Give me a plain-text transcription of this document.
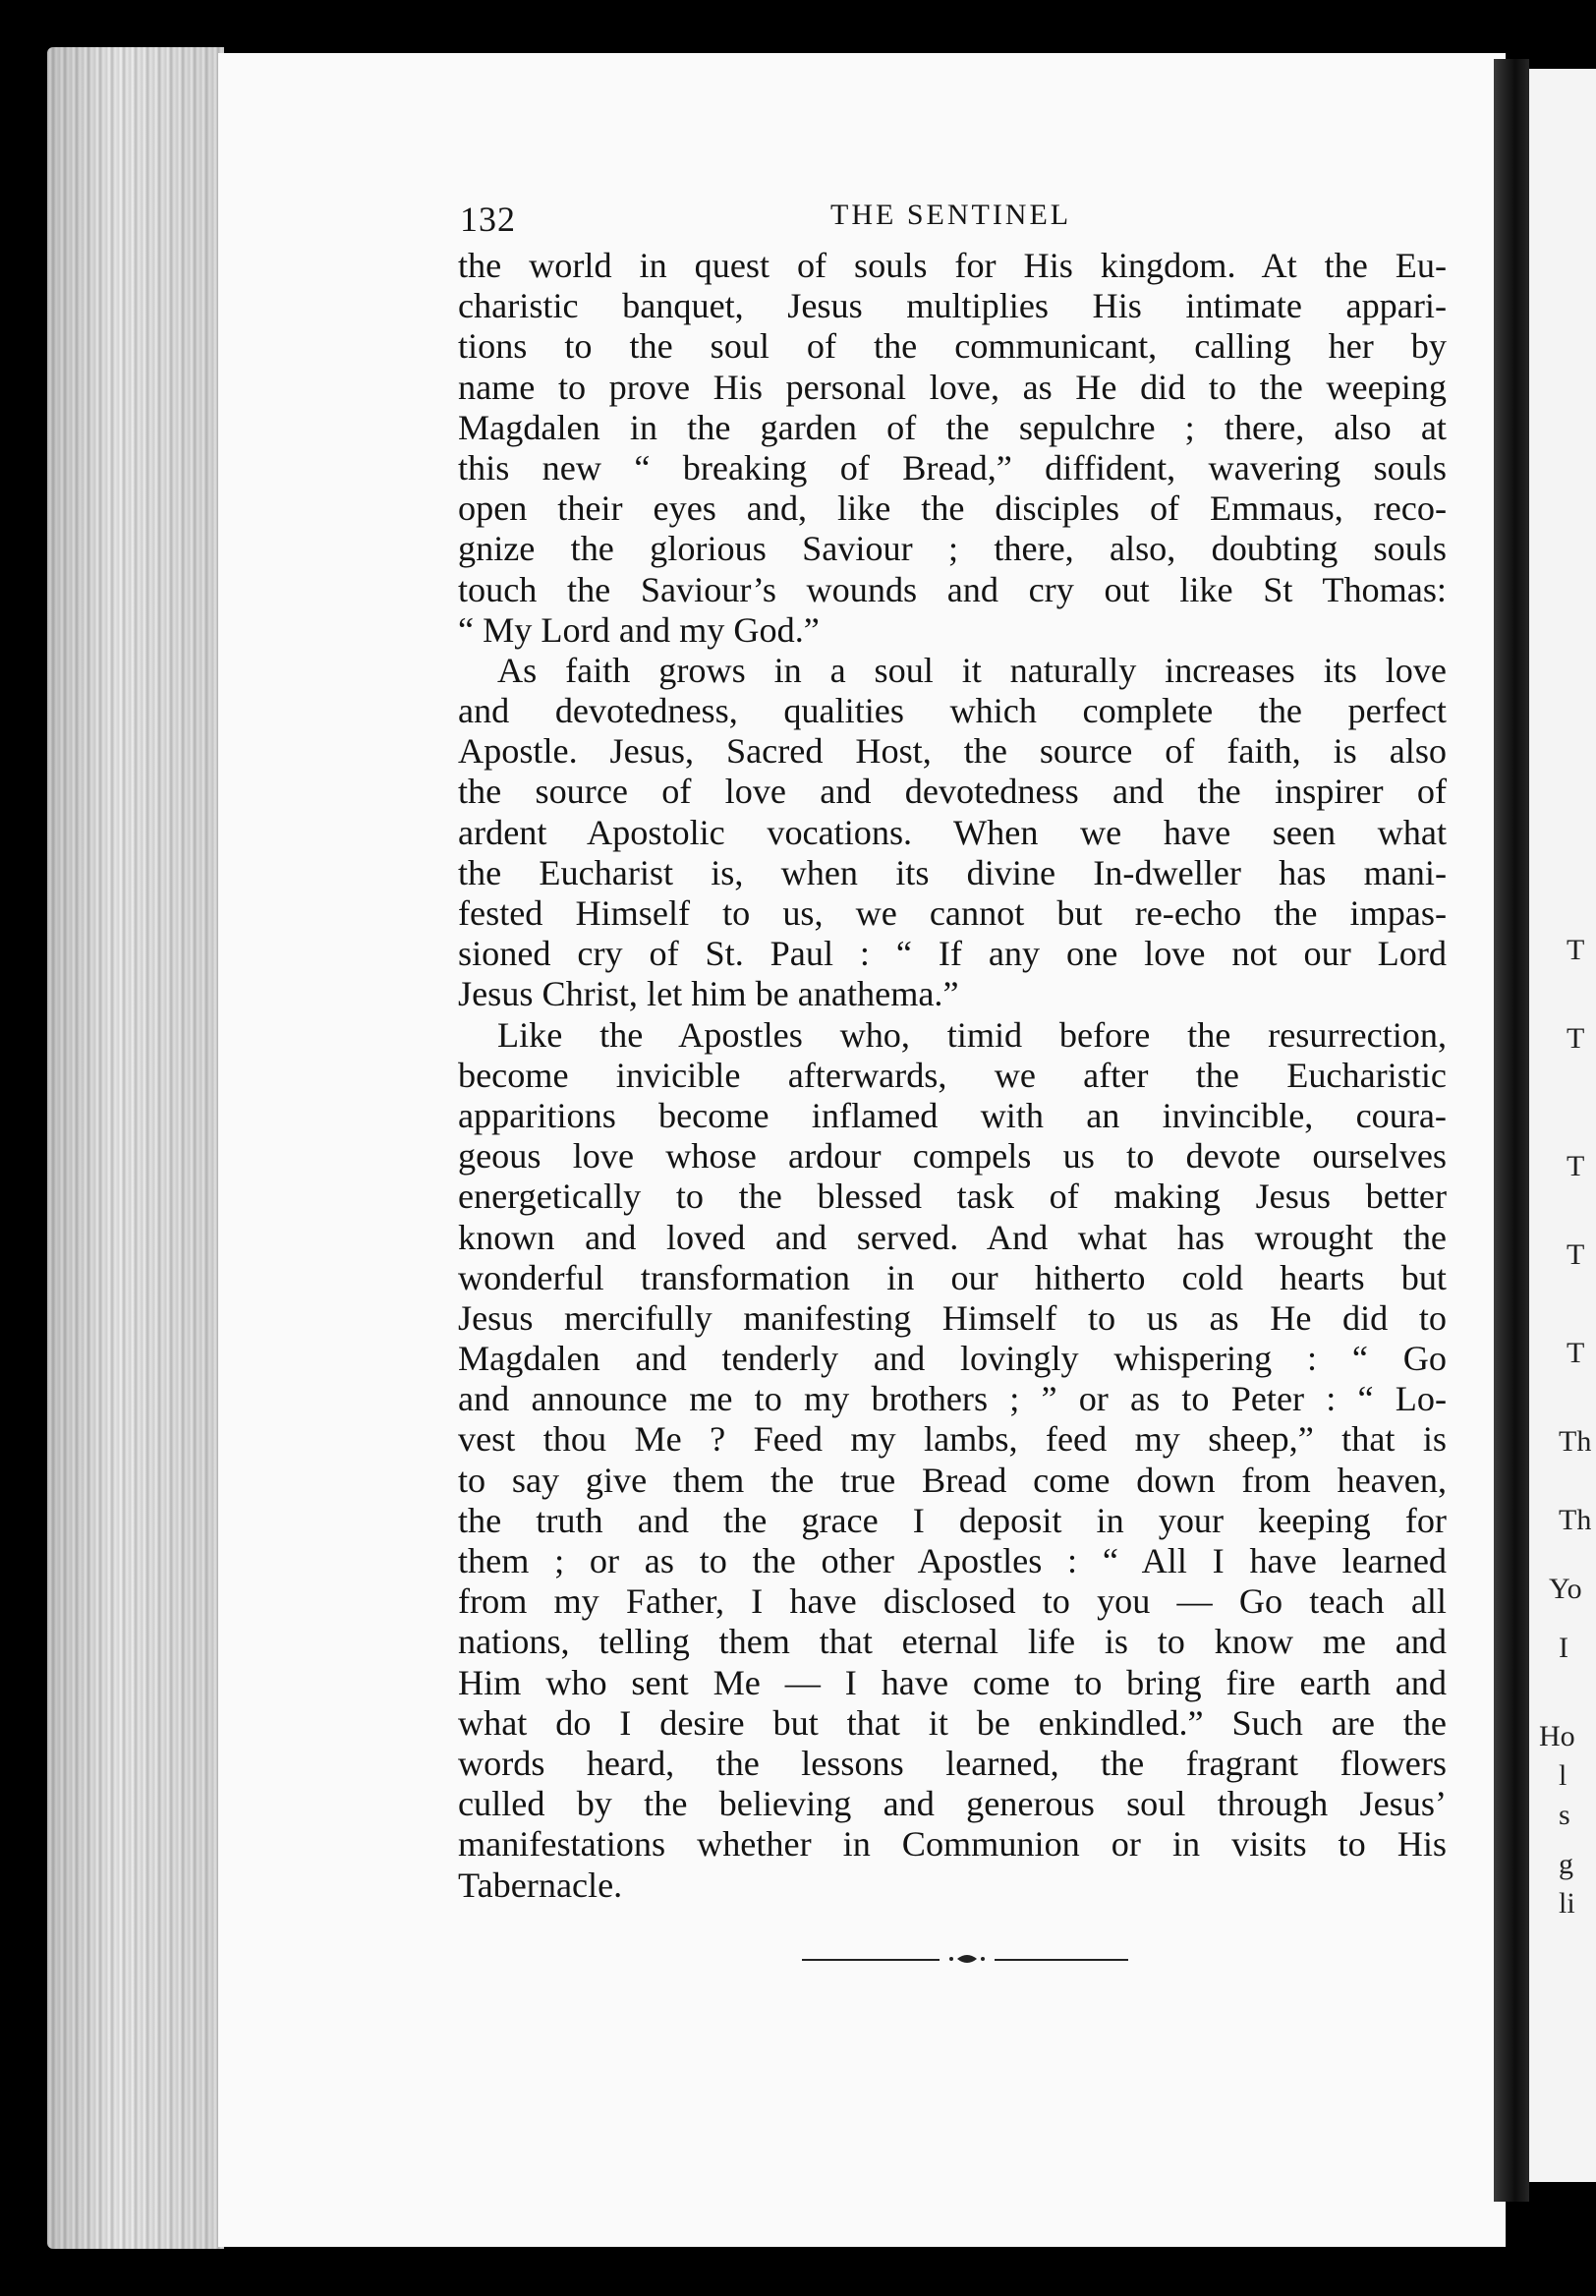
T
T
T
T
T
Th
Th
Yo
I
Ho
l
s
g
li
132	THE SENTINEL
the world in quest of souls for His kingdom. At the Eu-
charistic banquet, Jesus multiplies His intimate appari-
tions to the soul of the communicant, calling her by
name to prove His personal love, as He did to the weeping
Magdalen in the garden of the sepulchre ; there, also at
this new “ breaking of Bread,” diffident, wavering souls
open their eyes and, like the disciples of Emmaus, reco-
gnize the glorious Saviour ; there, also, doubting souls
touch the Saviour’s wounds and cry out like St Thomas:
“ My Lord and my God.”
As faith grows in a soul it naturally increases its love
and devotedness, qualities which complete the perfect
Apostle. Jesus, Sacred Host, the source of faith, is also
the source of love and devotedness and the inspirer of
ardent Apostolic vocations. When we have seen what
the Eucharist is, when its divine In-dweller has mani-
fested Himself to us, we cannot but re-echo the impas-
sioned cry of St. Paul : “ If any one love not our Lord
Jesus Christ, let him be anathema.”
Like the Apostles who, timid before the resurrection,
become invicible afterwards, we after the Eucharistic
apparitions become inflamed with an invincible, coura-
geous love whose ardour compels us to devote ourselves
energetically to the blessed task of making Jesus better
known and loved and served. And what has wrought the
wonderful transformation in our hitherto cold hearts but
Jesus mercifully manifesting Himself to us as He did to
Magdalen and tenderly and lovingly whispering : “ Go
and announce me to my brothers ; ” or as to Peter : “ Lo-
vest thou Me ? Feed my lambs, feed my sheep,” that is
to say give them the true Bread come down from heaven,
the truth and the grace I deposit in your keeping for
them ; or as to the other Apostles : “ All I have learned
from my Father, I have disclosed to you — Go teach all
nations, telling them that eternal life is to know me and
Him who sent Me — I have come to bring fire earth and
what do I desire but that it be enkindled.” Such are the
words heard, the lessons learned, the fragrant flowers
culled by the believing and generous soul through Jesus’
manifestations whether in Communion or in visits to His
Tabernacle.
